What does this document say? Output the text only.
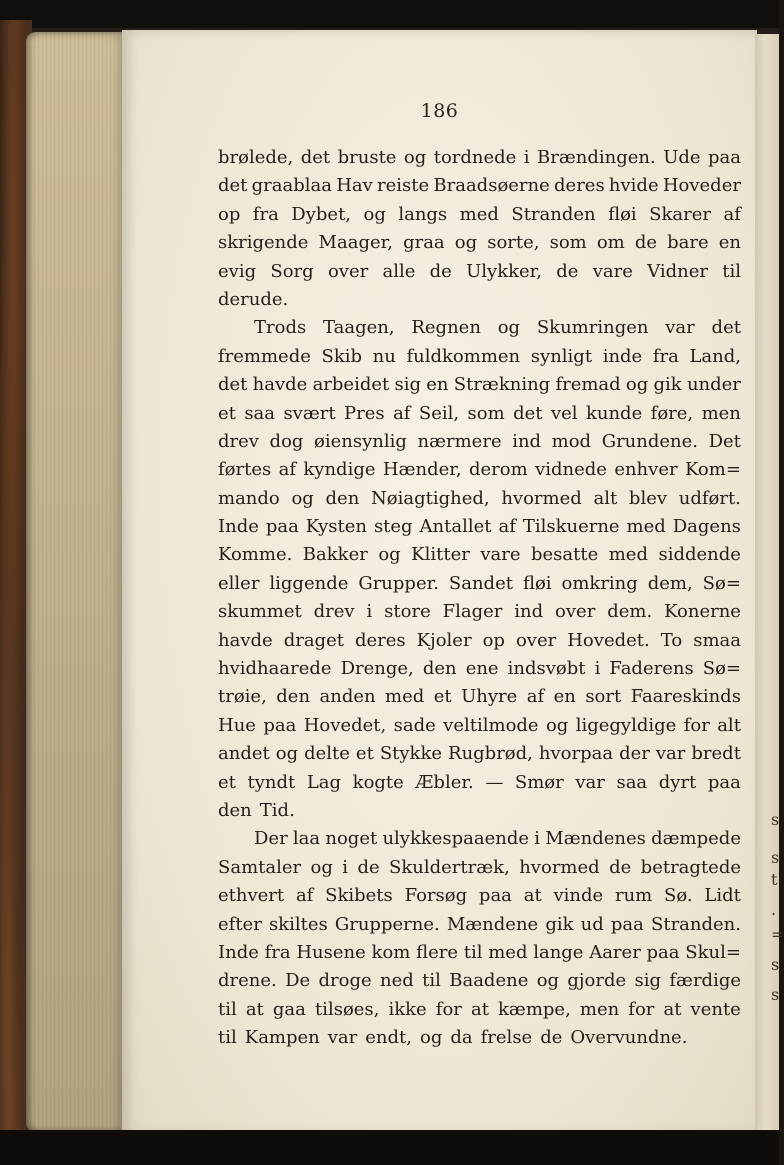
186
brølede, det bruste og tordnede i Brændingen. Ude paa
det graablaa Hav reiste Braadsøerne deres hvide Hoveder
op fra Dybet, og langs med Stranden fløi Skarer af
skrigende Maager, graa og sorte, som om de bare en
evig Sorg over alle de Ulykker, de vare Vidner til
derude.
Trods Taagen, Regnen og Skumringen var det
fremmede Skib nu fuldkommen synligt inde fra Land,
det havde arbeidet sig en Strækning fremad og gik under
et saa svært Pres af Seil, som det vel kunde føre, men
drev dog øiensynlig nærmere ind mod Grundene. Det
førtes af kyndige Hænder, derom vidnede enhver Kom=
mando og den Nøiagtighed, hvormed alt blev udført.
Inde paa Kysten steg Antallet af Tilskuerne med Dagens
Komme. Bakker og Klitter vare besatte med siddende
eller liggende Grupper. Sandet fløi omkring dem, Sø=
skummet drev i store Flager ind over dem. Konerne
havde draget deres Kjoler op over Hovedet. To smaa
hvidhaarede Drenge, den ene indsvøbt i Faderens Sø=
trøie, den anden med et Uhyre af en sort Faareskinds
Hue paa Hovedet, sade veltilmode og ligegyldige for alt
andet og delte et Stykke Rugbrød, hvorpaa der var bredt
et tyndt Lag kogte Æbler. — Smør var saa dyrt paa
den Tid.
Der laa noget ulykkespaaende i Mændenes dæmpede
Samtaler og i de Skuldertræk, hvormed de betragtede
ethvert af Skibets Forsøg paa at vinde rum Sø. Lidt
efter skiltes Grupperne. Mændene gik ud paa Stranden.
Inde fra Husene kom flere til med lange Aarer paa Skul=
drene. De droge ned til Baadene og gjorde sig færdige
til at gaa tilsøes, ikke for at kæmpe, men for at vente
til Kampen var endt, og da frelse de Overvundne.
s
s
t
.
=
s
s
